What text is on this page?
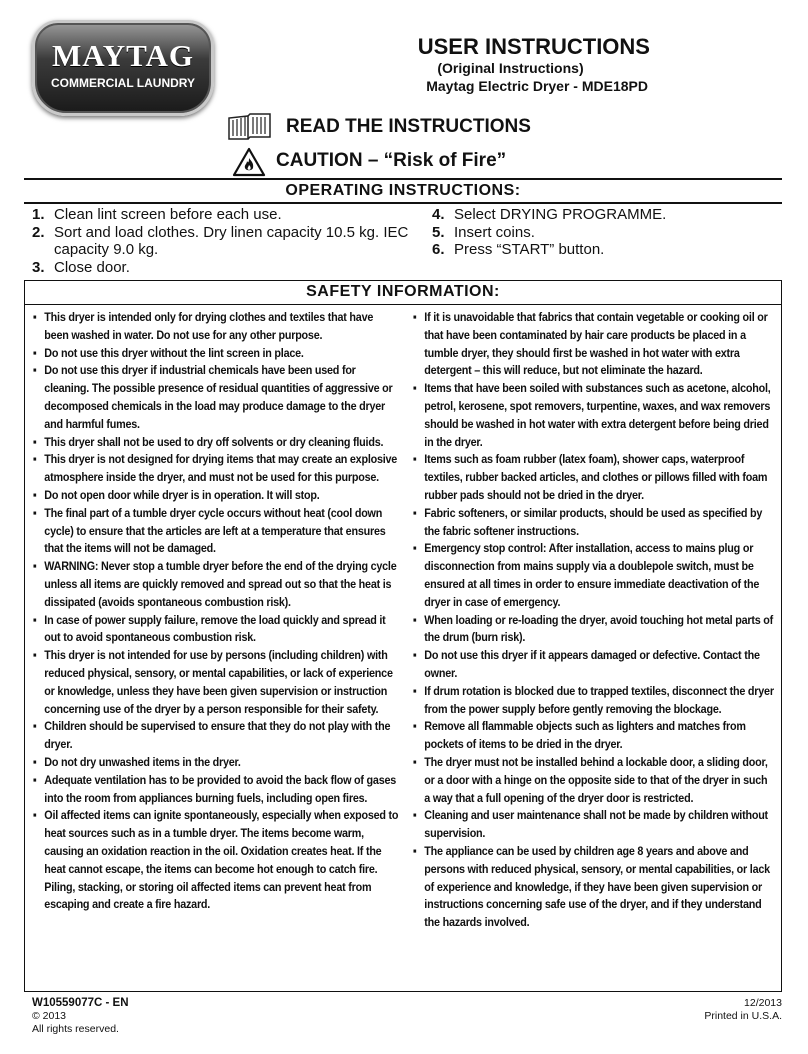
MAYTAG
COMMERCIAL LAUNDRY
USER INSTRUCTIONS
(Original Instructions)
Maytag Electric Dryer - MDE18PD
READ THE INSTRUCTIONS
CAUTION – “Risk of Fire”
OPERATING INSTRUCTIONS:
1. Clean lint screen before each use.
2. Sort and load clothes. Dry linen capacity 10.5 kg. IEC capacity 9.0 kg.
3. Close door.
4. Select DRYING PROGRAMME.
5. Insert coins.
6. Press “START” button.
SAFETY INFORMATION:
▪ This dryer is intended only for drying clothes and textiles that have been washed in water. Do not use for any other purpose.
▪ Do not use this dryer without the lint screen in place.
▪ Do not use this dryer if industrial chemicals have been used for cleaning. The possible presence of residual quantities of aggressive or decomposed chemicals in the load may produce damage to the dryer and harmful fumes.
▪ This dryer shall not be used to dry off solvents or dry cleaning fluids.
▪ This dryer is not designed for drying items that may create an explosive atmosphere inside the dryer, and must not be used for this purpose.
▪ Do not open door while dryer is in operation. It will stop.
▪ The final part of a tumble dryer cycle occurs without heat (cool down cycle) to ensure that the articles are left at a temperature that ensures that the items will not be damaged.
▪ WARNING: Never stop a tumble dryer before the end of the drying cycle unless all items are quickly removed and spread out so that the heat is dissipated (avoids spontaneous combustion risk).
▪ In case of power supply failure, remove the load quickly and spread it out to avoid spontaneous combustion risk.
▪ This dryer is not intended for use by persons (including children) with reduced physical, sensory, or mental capabilities, or lack of experience or knowledge, unless they have been given supervision or instruction concerning use of the dryer by a person responsible for their safety.
▪ Children should be supervised to ensure that they do not play with the dryer.
▪ Do not dry unwashed items in the dryer.
▪ Adequate ventilation has to be provided to avoid the back flow of gases into the room from appliances burning fuels, including open fires.
▪ Oil affected items can ignite spontaneously, especially when exposed to heat sources such as in a tumble dryer. The items become warm, causing an oxidation reaction in the oil. Oxidation creates heat. If the heat cannot escape, the items can become hot enough to catch fire. Piling, stacking, or storing oil affected items can prevent heat from escaping and create a fire hazard.
▪ If it is unavoidable that fabrics that contain vegetable or cooking oil or that have been contaminated by hair care products be placed in a tumble dryer, they should first be washed in hot water with extra detergent – this will reduce, but not eliminate the hazard.
▪ Items that have been soiled with substances such as acetone, alcohol, petrol, kerosene, spot removers, turpentine, waxes, and wax removers should be washed in hot water with extra detergent before being dried in the dryer.
▪ Items such as foam rubber (latex foam), shower caps, waterproof textiles, rubber backed articles, and clothes or pillows filled with foam rubber pads should not be dried in the dryer.
▪ Fabric softeners, or similar products, should be used as specified by the fabric softener instructions.
▪ Emergency stop control: After installation, access to mains plug or disconnection from mains supply via a doublepole switch, must be ensured at all times in order to ensure immediate deactivation of the dryer in case of emergency.
▪ When loading or re-loading the dryer, avoid touching hot metal parts of the drum (burn risk).
▪ Do not use this dryer if it appears damaged or defective. Contact the owner.
▪ If drum rotation is blocked due to trapped textiles, disconnect the dryer from the power supply before gently removing the blockage.
▪ Remove all flammable objects such as lighters and matches from pockets of items to be dried in the dryer.
▪ The dryer must not be installed behind a lockable door, a sliding door, or a door with a hinge on the opposite side to that of the dryer in such a way that a full opening of the dryer door is restricted.
▪ Cleaning and user maintenance shall not be made by children without supervision.
▪ The appliance can be used by children age 8 years and above and persons with reduced physical, sensory, or mental capabilities, or lack of experience and knowledge, if they have been given supervision or instructions concerning safe use of the dryer, and if they understand the hazards involved.
W10559077C - EN
© 2013
All rights reserved.
12/2013
Printed in U.S.A.
